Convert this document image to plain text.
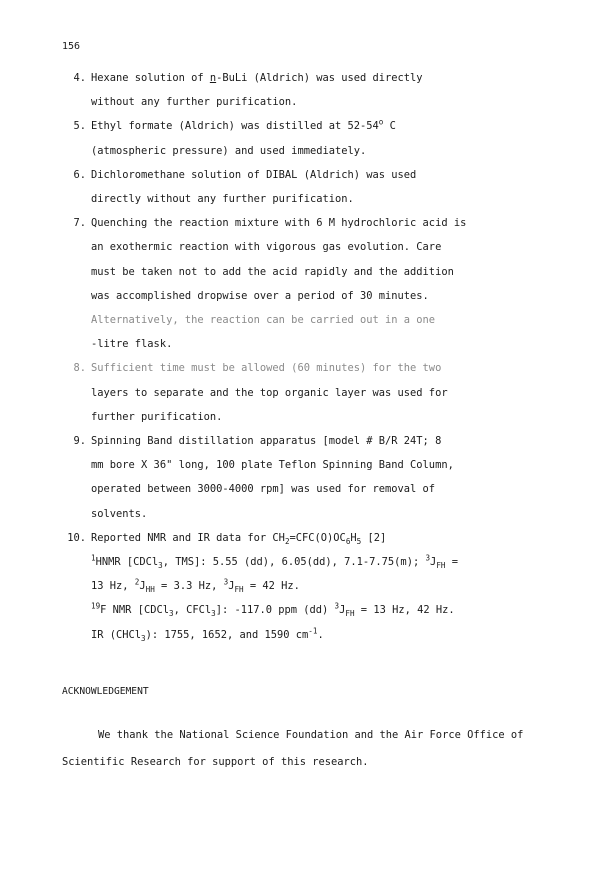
156
4. Hexane solution of n-BuLi (Aldrich) was used directly
without any further purification.
5. Ethyl formate (Aldrich) was distilled at 52-54$^o$ C
(atmospheric pressure) and used immediately.
6. Dichloromethane solution of DIBAL (Aldrich) was used
directly without any further purification.
7. Quenching the reaction mixture with 6 M hydrochloric acid is
an exothermic reaction with vigorous gas evolution. Care
must be taken not to add the acid rapidly and the addition
was accomplished dropwise over a period of 30 minutes.
Alternatively, the reaction can be carried out in a one
-litre flask.
8. Sufficient time must be allowed (60 minutes) for the two
layers to separate and the top organic layer was used for
further purification.
9. Spinning Band distillation apparatus [model # B/R 24T; 8
mm bore X 36" long, 100 plate Teflon Spinning Band Column,
operated between 3000-4000 rpm] was used for removal of
solvents.
10. Reported NMR and IR data for $CH_2=CFC(O)OC_6H_5$ [2]
$^1$HNMR [CDCl$_3$, TMS]: 5.55 (dd), 6.05(dd), 7.1-7.75(m); $^3J_{FH}$ =
13 Hz, $^2J_{HH} = 3.3$ Hz, $^3J_{FH} = 42$ Hz.
$^{19}$F NMR [CDCl$_3$, CFCl$_3$]: -117.0 ppm (dd) $^3J_{FH} = 13$ Hz, 42 Hz.
IR (CHCl$_3$): 1755, 1652, and 1590 $cm^{-1}$.
ACKNOWLEDGEMENT
We thank the National Science Foundation and the Air Force Office of Scientific Research for support of this research.
